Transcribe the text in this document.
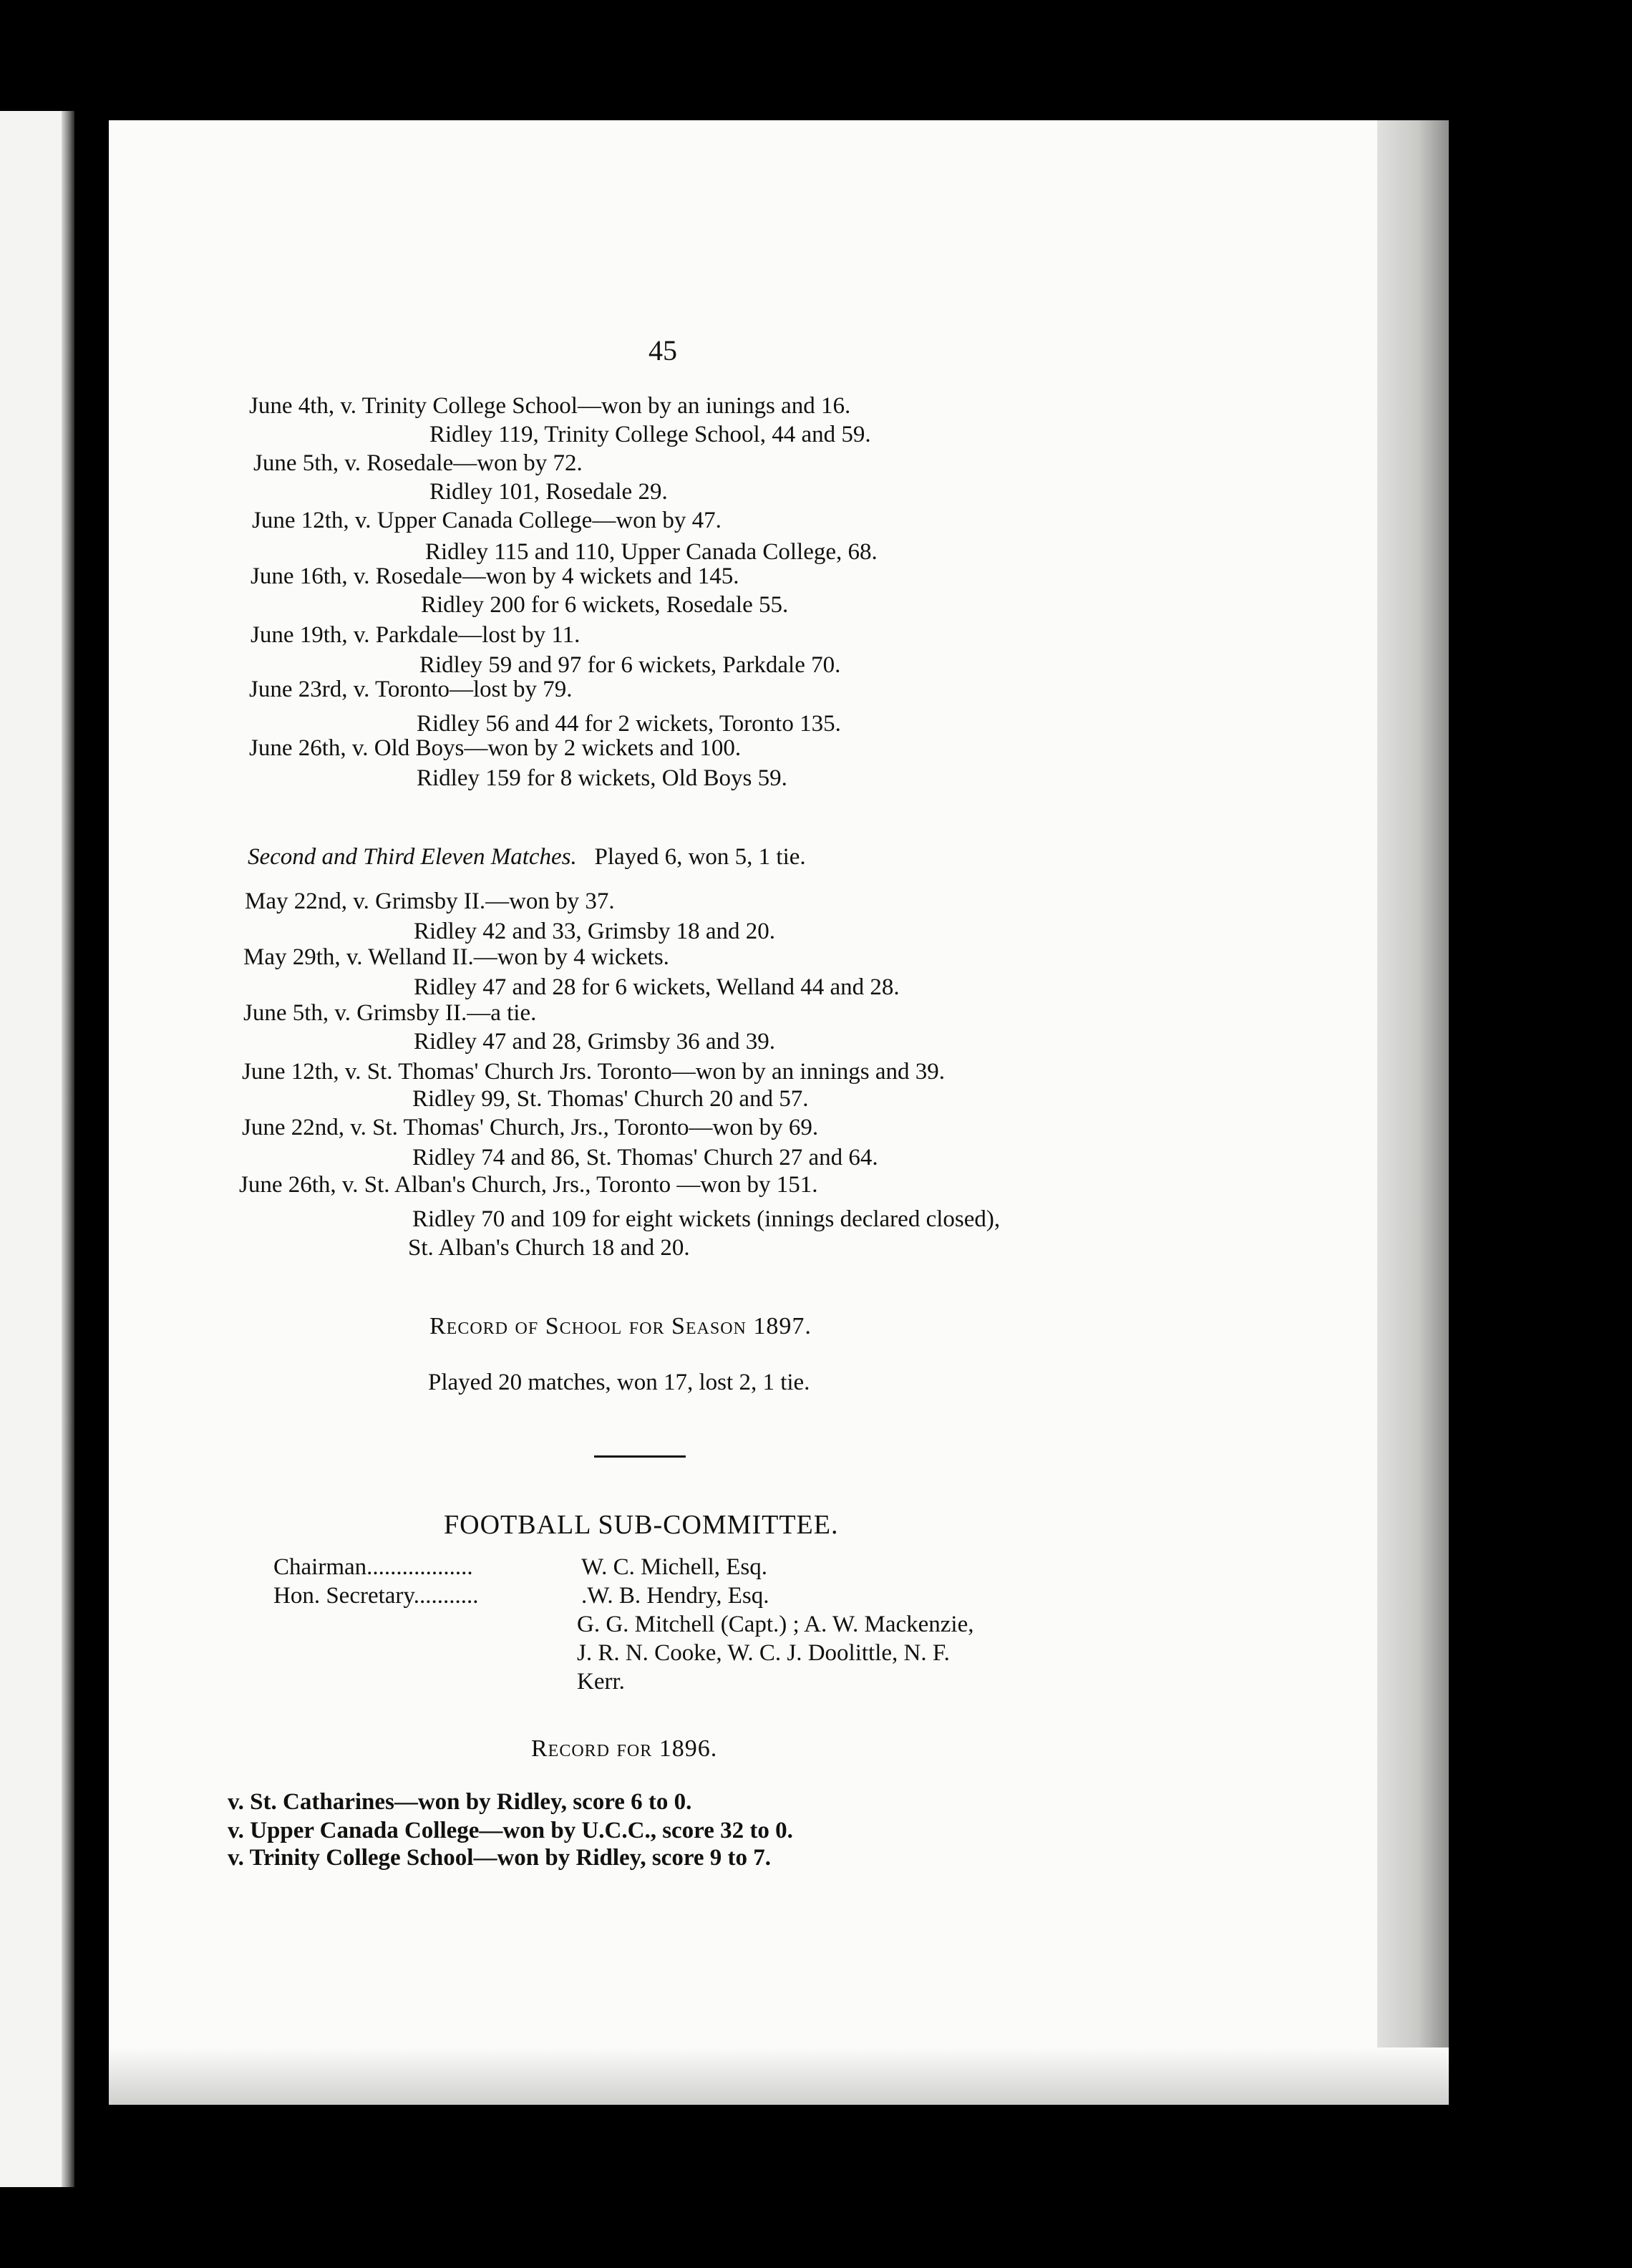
45
June 4th, v. Trinity College School—won by an iunings and 16.
Ridley 119, Trinity College School, 44 and 59.
June 5th, v. Rosedale—won by 72.
Ridley 101, Rosedale 29.
June 12th, v. Upper Canada College—won by 47.
Ridley 115 and 110, Upper Canada College, 68.
June 16th, v. Rosedale—won by 4 wickets and 145.
Ridley 200 for 6 wickets, Rosedale 55.
June 19th, v. Parkdale—lost by 11.
Ridley 59 and 97 for 6 wickets, Parkdale 70.
June 23rd, v. Toronto—lost by 79.
Ridley 56 and 44 for 2 wickets, Toronto 135.
June 26th, v. Old Boys—won by 2 wickets and 100.
Ridley 159 for 8 wickets, Old Boys 59.
Second and Third Eleven Matches. Played 6, won 5, 1 tie.
May 22nd, v. Grimsby II.—won by 37.
Ridley 42 and 33, Grimsby 18 and 20.
May 29th, v. Welland II.—won by 4 wickets.
Ridley 47 and 28 for 6 wickets, Welland 44 and 28.
June 5th, v. Grimsby II.—a tie.
Ridley 47 and 28, Grimsby 36 and 39.
June 12th, v. St. Thomas' Church Jrs. Toronto—won by an innings and 39.
Ridley 99, St. Thomas' Church 20 and 57.
June 22nd, v. St. Thomas' Church, Jrs., Toronto—won by 69.
Ridley 74 and 86, St. Thomas' Church 27 and 64.
June 26th, v. St. Alban's Church, Jrs., Toronto —won by 151.
Ridley 70 and 109 for eight wickets (innings declared closed),
St. Alban's Church 18 and 20.
Record of School for Season 1897.
Played 20 matches, won 17, lost 2, 1 tie.
FOOTBALL SUB-COMMITTEE.
Chairman..................	W. C. Michell, Esq.
Hon. Secretary...........	.W. B. Hendry, Esq.
G. G. Mitchell (Capt.) ; A. W. Mackenzie,
J. R. N. Cooke, W. C. J. Doolittle, N. F.
Kerr.
Record for 1896.
v. St. Catharines—won by Ridley, score 6 to 0.
v. Upper Canada College—won by U.C.C., score 32 to 0.
v. Trinity College School—won by Ridley, score 9 to 7.
